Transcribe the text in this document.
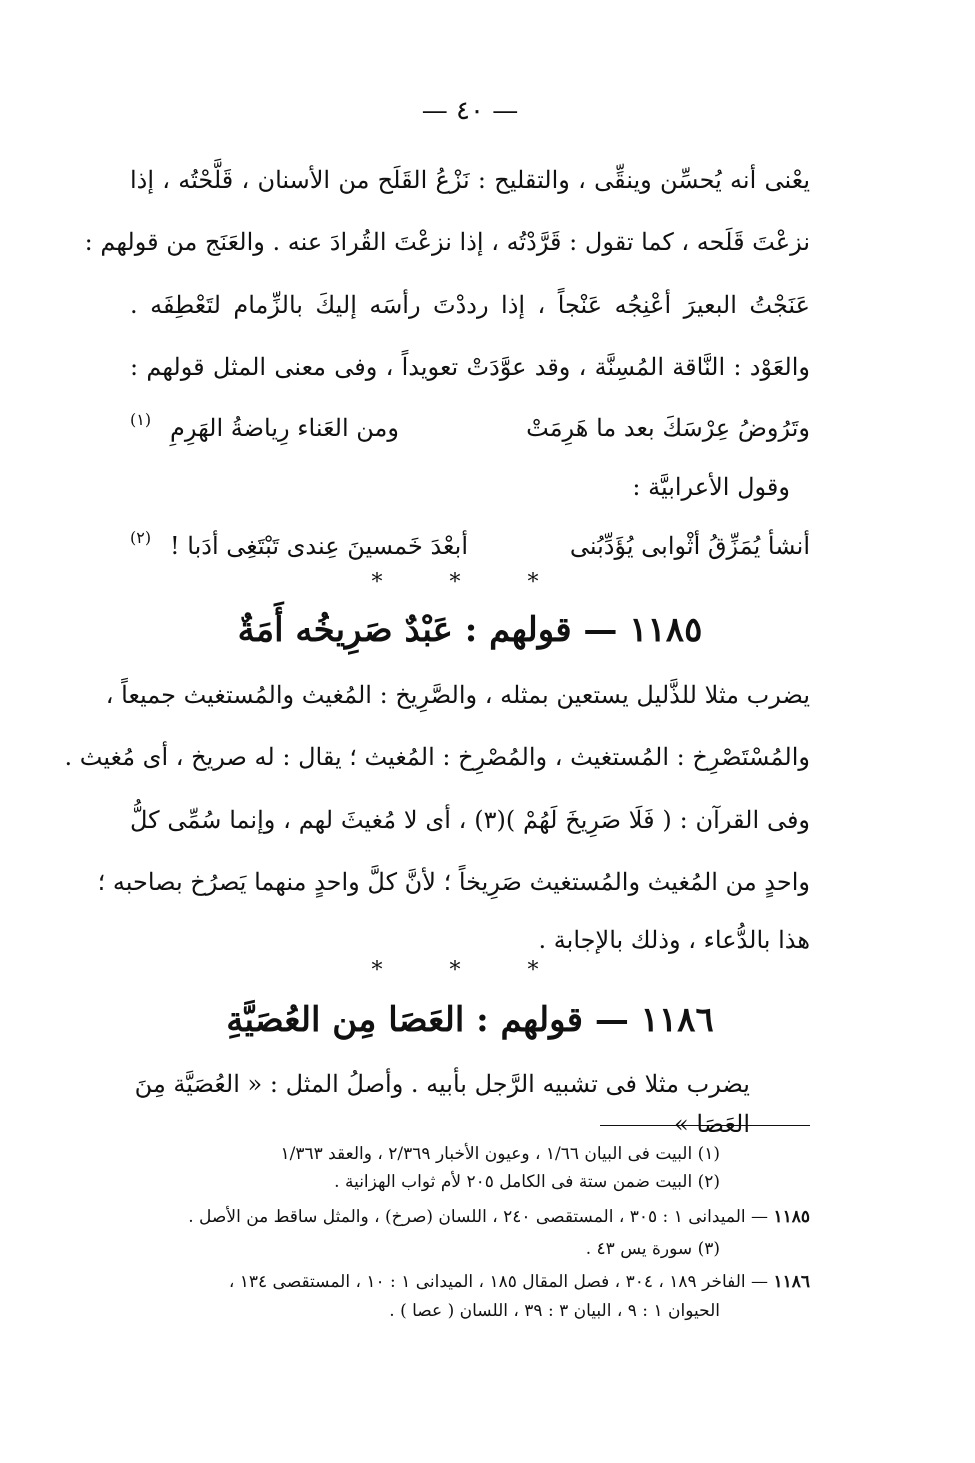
— ٤٠ —
يعْنى أنه يُحسِّن وينقِّى ، والتقليح : نَزْعُ القَلَح من الأسنان ، قَلَّحْتُه ، إذا
نزعْتَ قَلَحه ، كما تقول : قَرَّدْتُه ، إذا نزعْتَ القُرادَ عنه . والعَنَج من قولهم :
عَنَجْتُ البعيرَ أعْنِجُه عَنْجاً ، إذا رددْتَ رأسَه إليكَ بالزِّمام لتَعْطِفَه .
والعَوْد : النَّاقة المُسِنَّة ، وقد عوَّدَتْ تعويداً ، وفى معنى المثل قولهم :
وتَرُوضُ عِرْسَكَ بعد ما هَرِمَتْ
ومن العَناء رِياضةُ الهَرِمِ
(١)
وقول الأعرابيَّة :
أنشأ يُمَزِّقُ أثْوابى يُؤَدِّبُنى
أبعْدَ خَمسينَ عِندى تَبْتَغِى أدَبا !
(٢)
* * *
١١٨٥ — قولهم : عَبْدٌ صَرِيخُه أَمَةٌ
يضرب مثلا للذَّليل يستعين بمثله ، والصَّرِيخ : المُغيث والمُستغيث جميعاً ،
والمُسْتَصْرِخ : المُستغيث ، والمُصْرِخ : المُغيث ؛ يقال : له صريخ ، أى مُغيث .
وفى القرآن : ( فَلَا صَرِيخَ لَهُمْ )(٣) ، أى لا مُغيثَ لهم ، وإنما سُمِّى كلُّ
واحدٍ من المُغيث والمُستغيث صَرِيخاً ؛ لأنَّ كلَّ واحدٍ منهما يَصرُخ بصاحبه ؛
هذا بالدُّعاء ، وذلك بالإجابة .
* * *
١١٨٦ — قولهم : العَصَا مِن العُصَيَّةِ
يضرب مثلا فى تشبيه الرَّجل بأبيه . وأصلُ المثل : « العُصَيَّة مِنَ العَصَا »
(١) البيت فى البيان ١/٦٦ ، وعيون الأخبار ٢/٣٦٩ ، والعقد ١/٣٦٣
(٢) البيت ضمن ستة فى الكامل ٢٠٥ لأم ثواب الهزانية .
١١٨٥ — الميدانى ١ : ٣٠٥ ، المستقصى ٢٤٠ ، اللسان (صرخ) ، والمثل ساقط من الأصل .
(٣) سورة يس ٤٣ .
١١٨٦ — الفاخر ١٨٩ ، ٣٠٤ ، فصل المقال ١٨٥ ، الميدانى ١ : ١٠ ، المستقصى ١٣٤ ،
الحيوان ١ : ٩ ، البيان ٣ : ٣٩ ، اللسان ( عصا ) .
